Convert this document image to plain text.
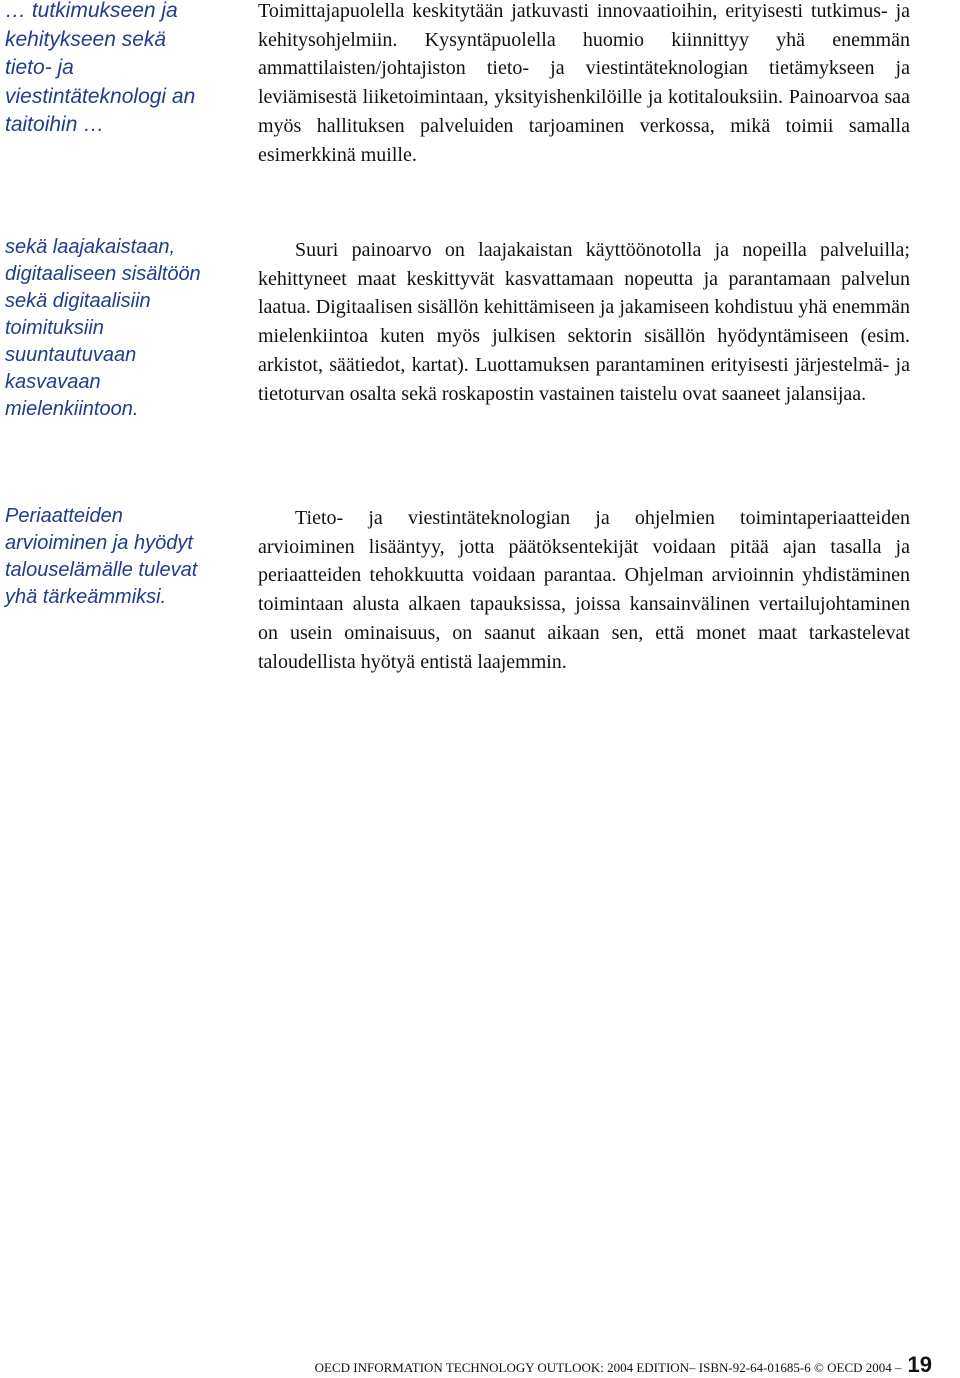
… tutkimukseen ja kehitykseen sekä tieto- ja viestintäteknologi an taitoihin …

sekä laajakaistaan, digitaaliseen sisältöön sekä digitaalisiin toimituksiin suuntautuvaan kasvavaan mielenkiintoon.

Periaatteiden arvioiminen ja hyödyt talouselämälle tulevat yhä tärkeämmiksi.

Toimittajapuolella keskitytään jatkuvasti innovaatioihin, erityisesti tutkimus- ja kehitysohjelmiin. Kysyntäpuolella huomio kiinnittyy yhä enemmän ammattilaisten/johtajiston tieto- ja viestintäteknologian tietämykseen ja leviämisestä liiketoimintaan, yksityishenkilöille ja kotitalouksiin. Painoarvoa saa myös hallituksen palveluiden tarjoaminen verkossa, mikä toimii samalla esimerkkinä muille.

Suuri painoarvo on laajakaistan käyttöönotolla ja nopeilla palveluilla; kehittyneet maat keskittyvät kasvattamaan nopeutta ja parantamaan palvelun laatua. Digitaalisen sisällön kehittämiseen ja jakamiseen kohdistuu yhä enemmän mielenkiintoa kuten myös julkisen sektorin sisällön hyödyntämiseen (esim. arkistot, säätiedot, kartat). Luottamuksen parantaminen erityisesti järjestelmä- ja tietoturvan osalta sekä roskapostin vastainen taistelu ovat saaneet jalansijaa.

Tieto- ja viestintäteknologian ja ohjelmien toimintaperiaatteiden arvioiminen lisääntyy, jotta päätöksentekijät voidaan pitää ajan tasalla ja periaatteiden tehokkuutta voidaan parantaa. Ohjelman arvioinnin yhdistäminen toimintaan alusta alkaen tapauksissa, joissa kansainvälinen vertailujohtaminen on usein ominaisuus, on saanut aikaan sen, että monet maat tarkastelevat taloudellista hyötyä entistä laajemmin.

OECD INFORMATION TECHNOLOGY OUTLOOK: 2004 EDITION– ISBN-92-64-01685-6 © OECD 2004 – 19
